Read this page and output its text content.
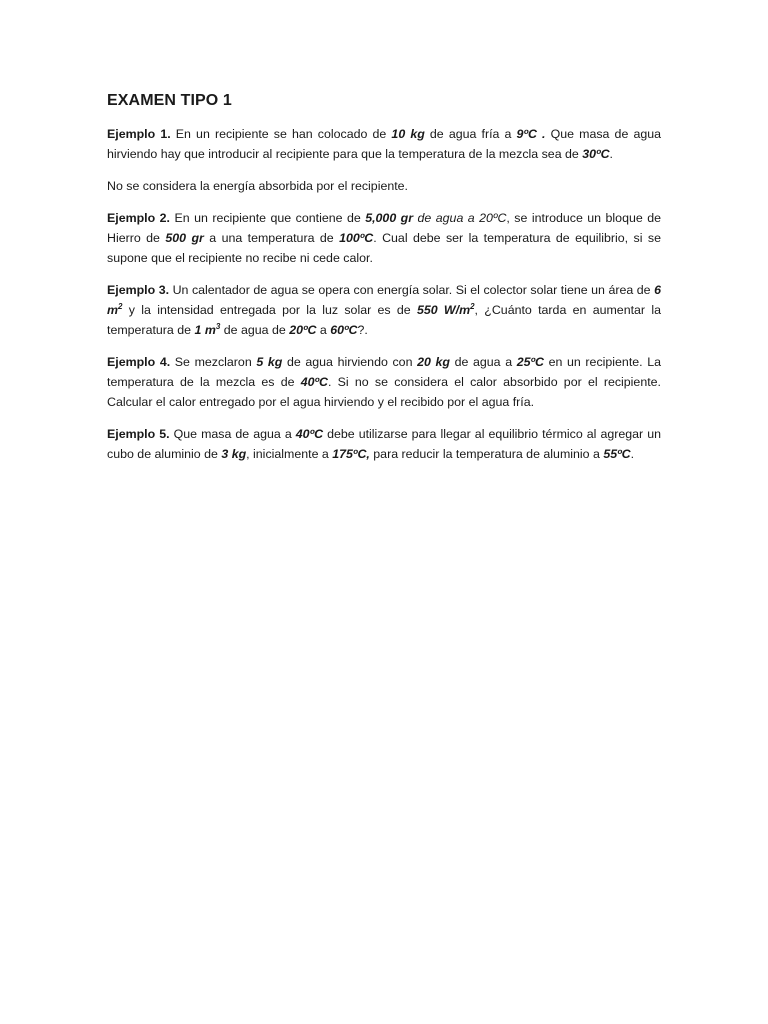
EXAMEN TIPO 1

Ejemplo 1. En un recipiente se han colocado de 10 kg de agua fría a 9ºC . Que masa de agua hirviendo hay que introducir al recipiente para que la temperatura de la mezcla sea de 30ºC.

No se considera la energía absorbida por el recipiente.

Ejemplo 2. En un recipiente que contiene de 5,000 gr de agua a 20ºC, se introduce un bloque de Hierro de 500 gr a una temperatura de 100ºC. Cual debe ser la temperatura de equilibrio, si se supone que el recipiente no recibe ni cede calor.

Ejemplo 3. Un calentador de agua se opera con energía solar. Si el colector solar tiene un área de 6 $m^2$ y la intensidad entregada por la luz solar es de 550 $W/m^2$, ¿Cuánto tarda en aumentar la temperatura de 1 $m^3$ de agua de 20ºC a 60ºC?.

Ejemplo 4. Se mezclaron 5 kg de agua hirviendo con 20 kg de agua a 25ºC en un recipiente. La temperatura de la mezcla es de 40ºC. Si no se considera el calor absorbido por el recipiente. Calcular el calor entregado por el agua hirviendo y el recibido por el agua fría.

Ejemplo 5. Que masa de agua a 40ºC debe utilizarse para llegar al equilibrio térmico al agregar un cubo de aluminio de 3 kg, inicialmente a 175ºC, para reducir la temperatura de aluminio a 55ºC.
